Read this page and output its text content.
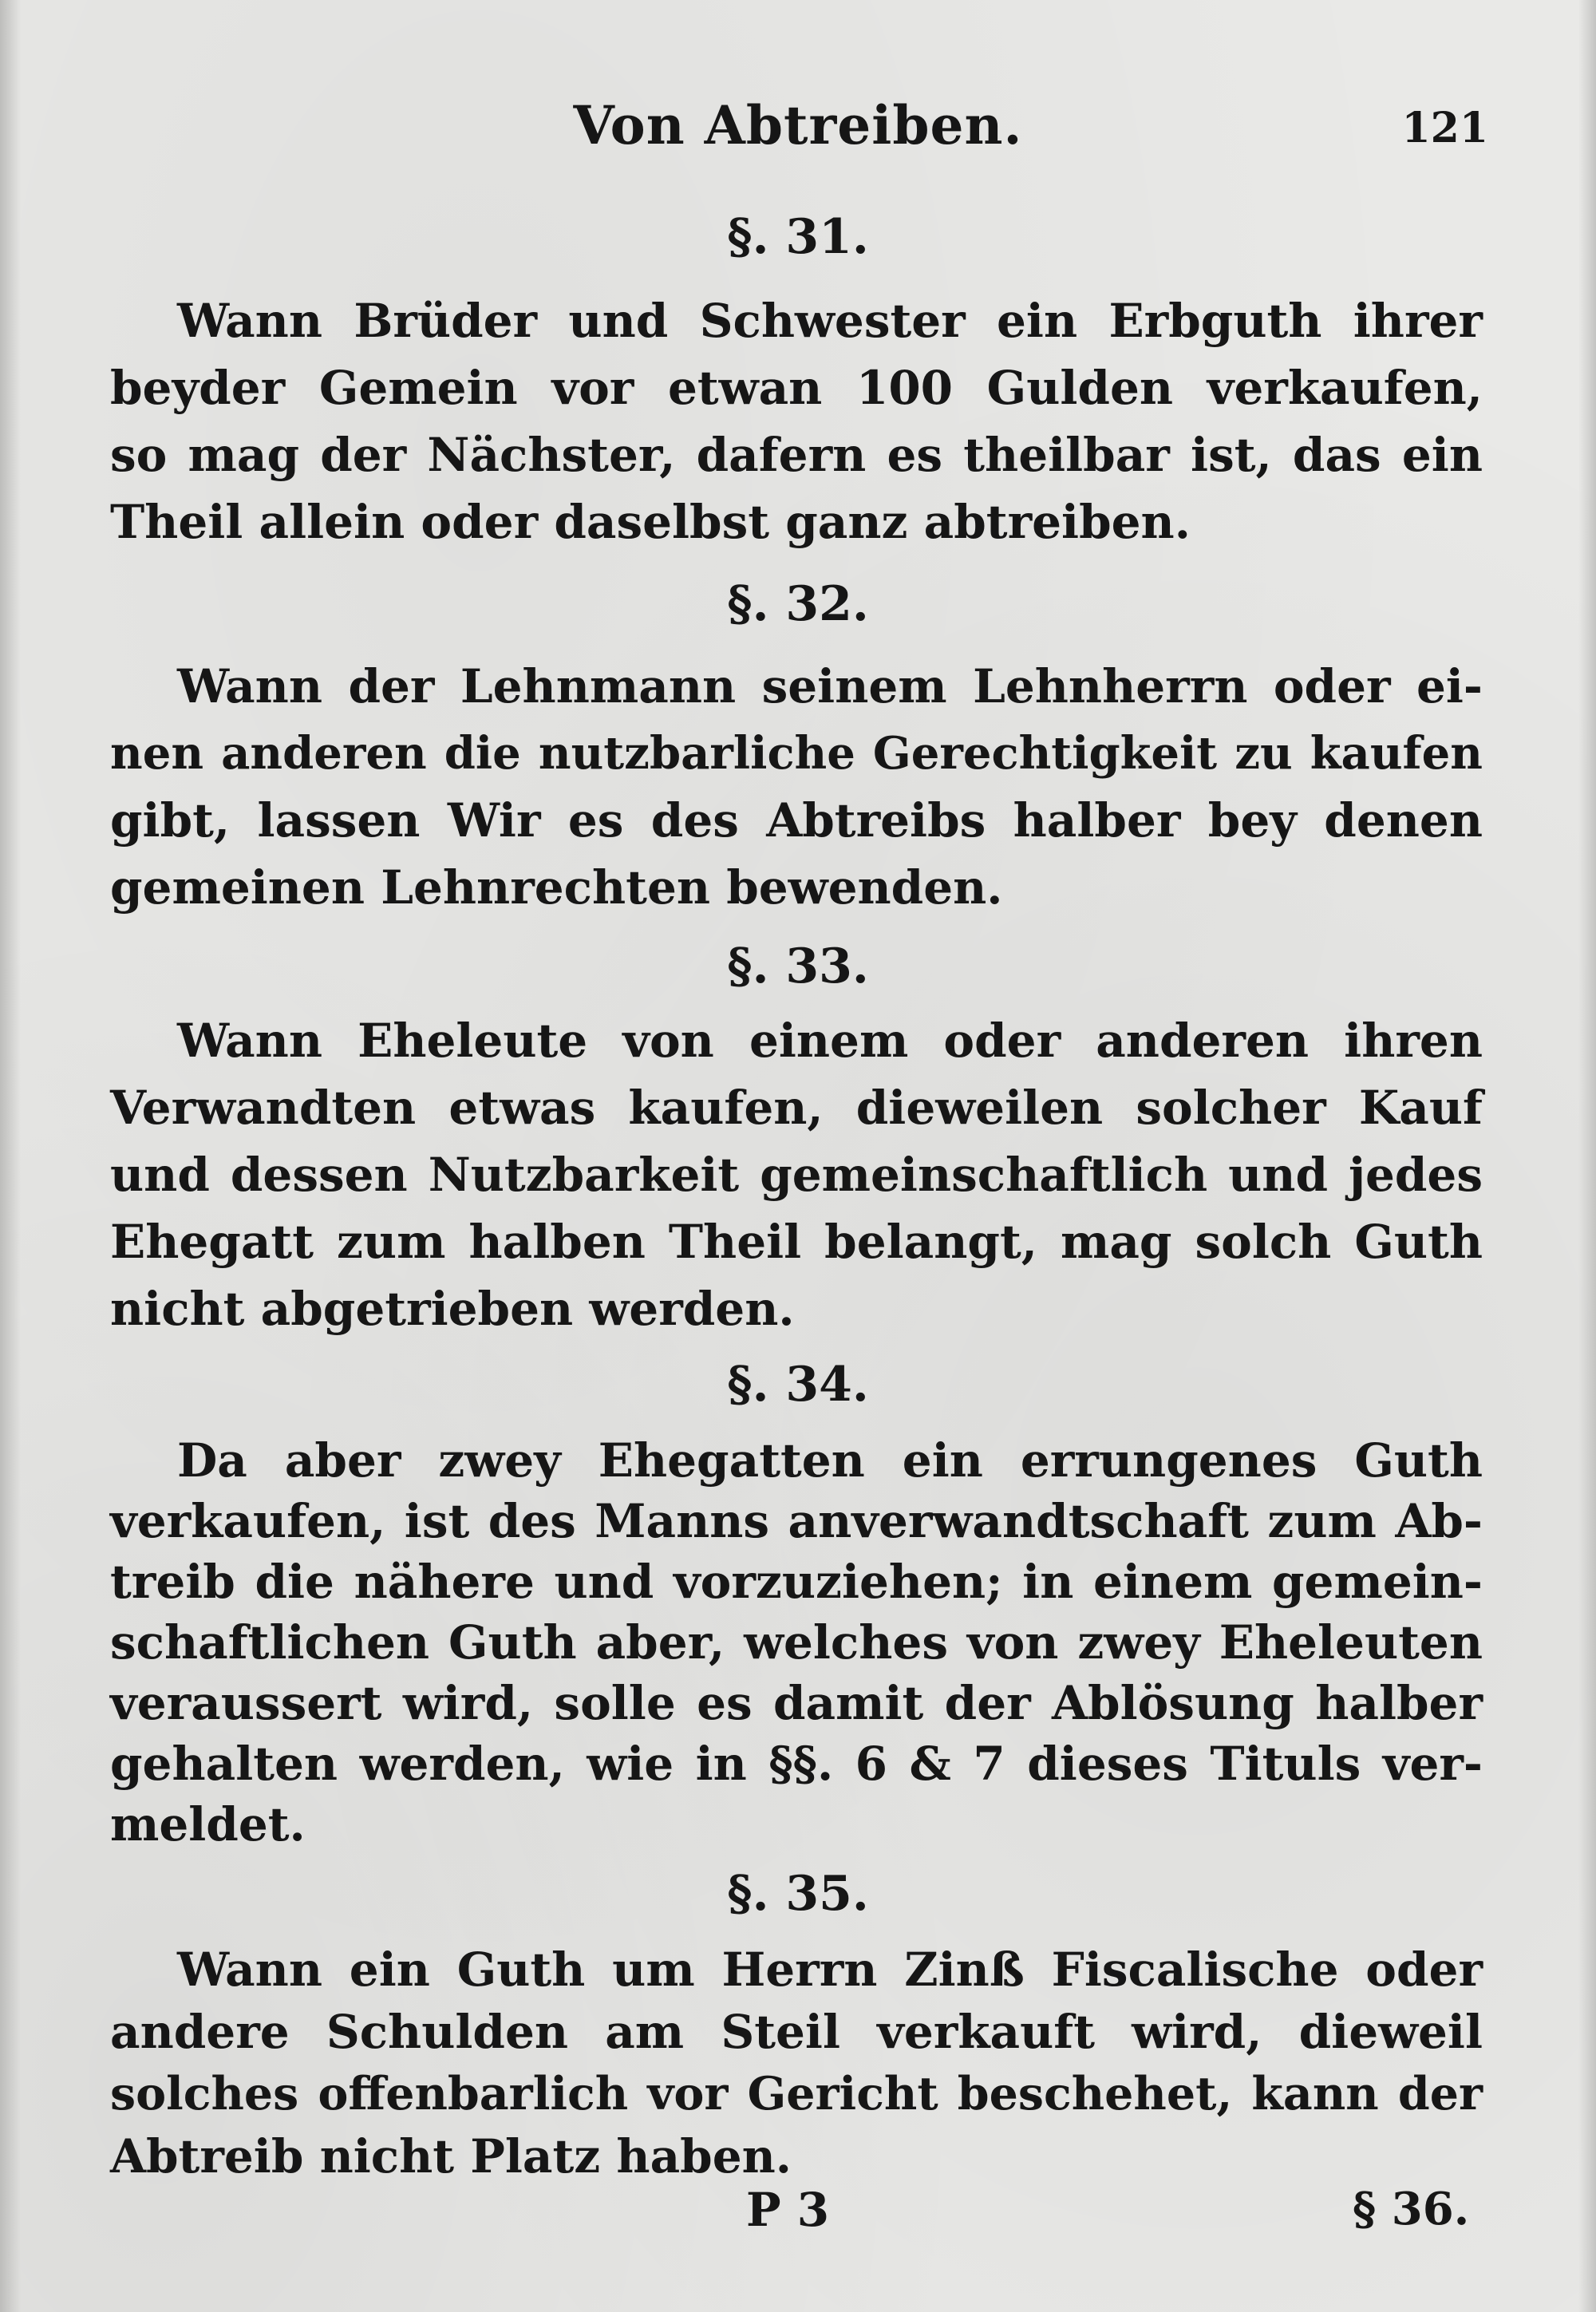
Von Abtreiben.	121
§. 31.
Wann Brüder und Schwester ein Erbguth ihrer
beyder Gemein vor etwan 100 Gulden verkaufen,
so mag der Nächster, dafern es theilbar ist, das ein
Theil allein oder daselbst ganz abtreiben.
§. 32.
Wann der Lehnmann seinem Lehnherrn oder ei-
nen anderen die nutzbarliche Gerechtigkeit zu kaufen
gibt, lassen Wir es des Abtreibs halber bey denen
gemeinen Lehnrechten bewenden.
§. 33.
Wann Eheleute von einem oder anderen ihren
Verwandten etwas kaufen, dieweilen solcher Kauf
und dessen Nutzbarkeit gemeinschaftlich und jedes
Ehegatt zum halben Theil belangt, mag solch Guth
nicht abgetrieben werden.
§. 34.
Da aber zwey Ehegatten ein errungenes Guth
verkaufen, ist des Manns anverwandtschaft zum Ab-
treib die nähere und vorzuziehen; in einem gemein-
schaftlichen Guth aber, welches von zwey Eheleuten
veraussert wird, solle es damit der Ablösung halber
gehalten werden, wie in §§. 6 & 7 dieses Tituls ver-
meldet.
§. 35.
Wann ein Guth um Herrn Zinß Fiscalische oder
andere Schulden am Steil verkauft wird, dieweil
solches offenbarlich vor Gericht beschehet, kann der
Abtreib nicht Platz haben.
P 3	§ 36.
